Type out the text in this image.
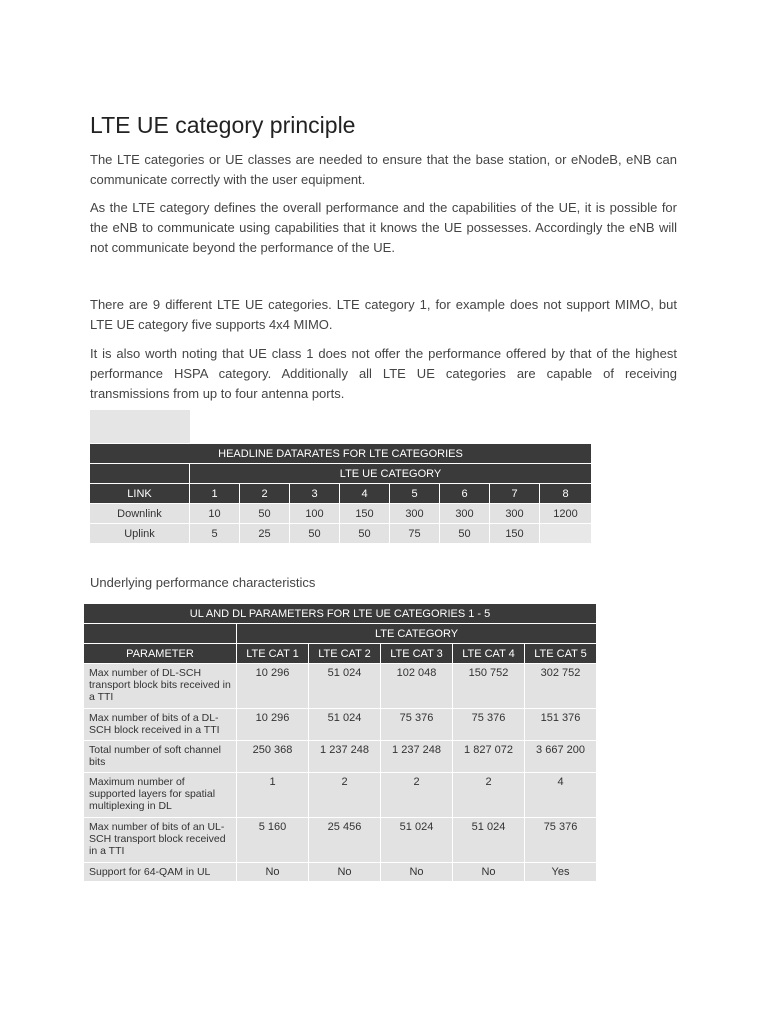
LTE UE category principle

The LTE categories or UE classes are needed to ensure that the base station, or eNodeB, eNB can communicate correctly with the user equipment.

As the LTE category defines the overall performance and the capabilities of the UE, it is possible for the eNB to communicate using capabilities that it knows the UE possesses. Accordingly the eNB will not communicate beyond the performance of the UE.

There are 9 different LTE UE categories. LTE category 1, for example does not support MIMO, but LTE UE category five supports 4x4 MIMO.

It is also worth noting that UE class 1 does not offer the performance offered by that of the highest performance HSPA category. Additionally all LTE UE categories are capable of receiving transmissions from up to four antenna ports.

HEADLINE DATARATES FOR LTE CATEGORIES								
	LTE UE CATEGORY							
LINK	1	2	3	4	5	6	7	8
Downlink	10	50	100	150	300	300	300	1200
Uplink	5	25	50	50	75	50	150	

Underlying performance characteristics

UL AND DL PARAMETERS FOR LTE UE CATEGORIES 1 - 5					
	LTE CATEGORY				
PARAMETER	LTE CAT 1	LTE CAT 2	LTE CAT 3	LTE CAT 4	LTE CAT 5
Max number of DL-SCH transport block bits received in a TTI	10 296	51 024	102 048	150 752	302 752
Max number of bits of a DL-SCH block received in a TTI	10 296	51 024	75 376	75 376	151 376
Total number of soft channel bits	250 368	1 237 248	1 237 248	1 827 072	3 667 200
Maximum number of supported layers for spatial multiplexing in DL	1	2	2	2	4
Max number of bits of an UL-SCH transport block received in a TTI	5 160	25 456	51 024	51 024	75 376
Support for 64-QAM in UL	No	No	No	No	Yes
